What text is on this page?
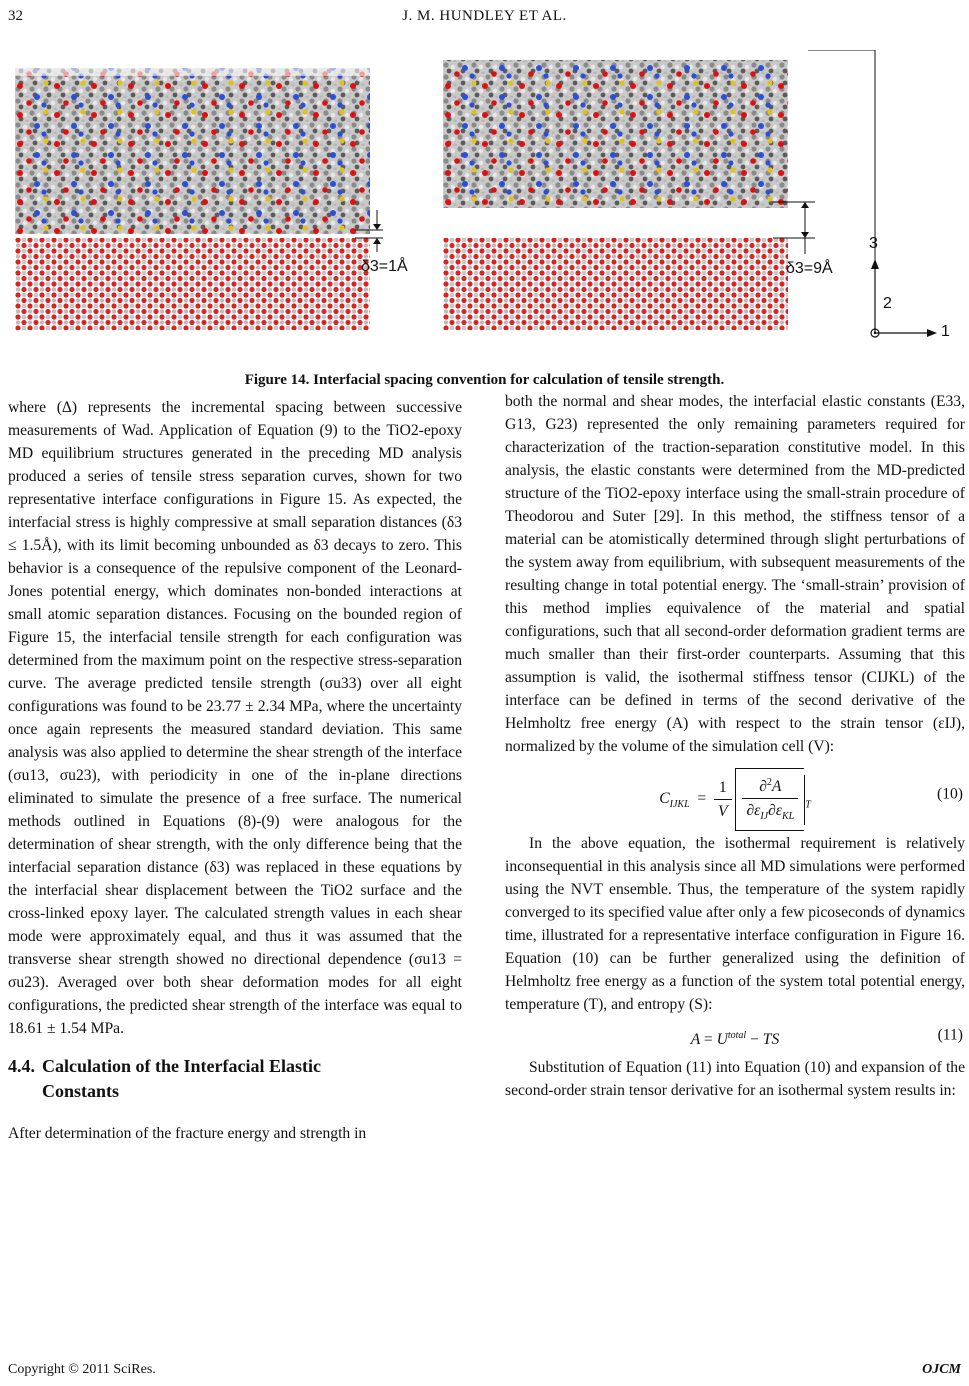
32	J. M. HUNDLEY ET AL.
δ3=1Å	δ3=9Å
3
2
1
Figure 14. Interfacial spacing convention for calculation of tensile strength.

where (Δ) represents the incremental spacing between successive measurements of Wad. Application of Equation (9) to the TiO2-epoxy MD equilibrium structures generated in the preceding MD analysis produced a series of tensile stress separation curves, shown for two representative interface configurations in Figure 15. As expected, the interfacial stress is highly compressive at small separation distances (δ3 ≤ 1.5Å), with its limit becoming unbounded as δ3 decays to zero. This behavior is a consequence of the repulsive component of the Leonard-Jones potential energy, which dominates non-bonded interactions at small atomic separation distances. Focusing on the bounded region of Figure 15, the interfacial tensile strength for each configuration was determined from the maximum point on the respective stress-separation curve. The average predicted tensile strength (σu33) over all eight configurations was found to be 23.77 ± 2.34 MPa, where the uncertainty once again represents the measured standard deviation. This same analysis was also applied to determine the shear strength of the interface (σu13, σu23), with periodicity in one of the in-plane directions eliminated to simulate the presence of a free surface. The numerical methods outlined in Equations (8)-(9) were analogous for the determination of shear strength, with the only difference being that the interfacial separation distance (δ3) was replaced in these equations by the interfacial shear displacement between the TiO2 surface and the cross-linked epoxy layer. The calculated strength values in each shear mode were approximately equal, and thus it was assumed that the transverse shear strength showed no directional dependence (σu13 = σu23). Averaged over both shear deformation modes for all eight configurations, the predicted shear strength of the interface was equal to 18.61 ± 1.54 MPa.

4.4. Calculation of the Interfacial Elastic
Constants

After determination of the fracture energy and strength in

both the normal and shear modes, the interfacial elastic constants (E33, G13, G23) represented the only remaining parameters required for characterization of the traction-separation constitutive model. In this analysis, the elastic constants were determined from the MD-predicted structure of the TiO2-epoxy interface using the small-strain procedure of Theodorou and Suter [29]. In this method, the stiffness tensor of a material can be atomistically determined through slight perturbations of the system away from equilibrium, with subsequent measurements of the resulting change in total potential energy. The ‘small-strain’ provision of this method implies equivalence of the material and spatial configurations, such that all second-order deformation gradient terms are much smaller than their first-order counterparts. Assuming that this assumption is valid, the isothermal stiffness tensor (CIJKL) of the interface can be defined in terms of the second derivative of the Helmholtz free energy (A) with respect to the strain tensor (εIJ), normalized by the volume of the simulation cell (V):

$C_{IJKL} = \frac{1}{V}$
$\frac{\partial^2A}{\partial\varepsilon_{IJ}\partial\varepsilon_{KL}} _T$
(10)

In the above equation, the isothermal requirement is relatively inconsequential in this analysis since all MD simulations were performed using the NVT ensemble. Thus, the temperature of the system rapidly converged to its specified value after only a few picoseconds of dynamics time, illustrated for a representative interface configuration in Figure 16. Equation (10) can be further generalized using the definition of Helmholtz free energy as a function of the system total potential energy, temperature (T), and entropy (S):

$A = U^{total}$ − TS	(11)

Substitution of Equation (11) into Equation (10) and expansion of the second-order strain tensor derivative for an isothermal system results in:

Copyright © 2011 SciRes.	OJCM
